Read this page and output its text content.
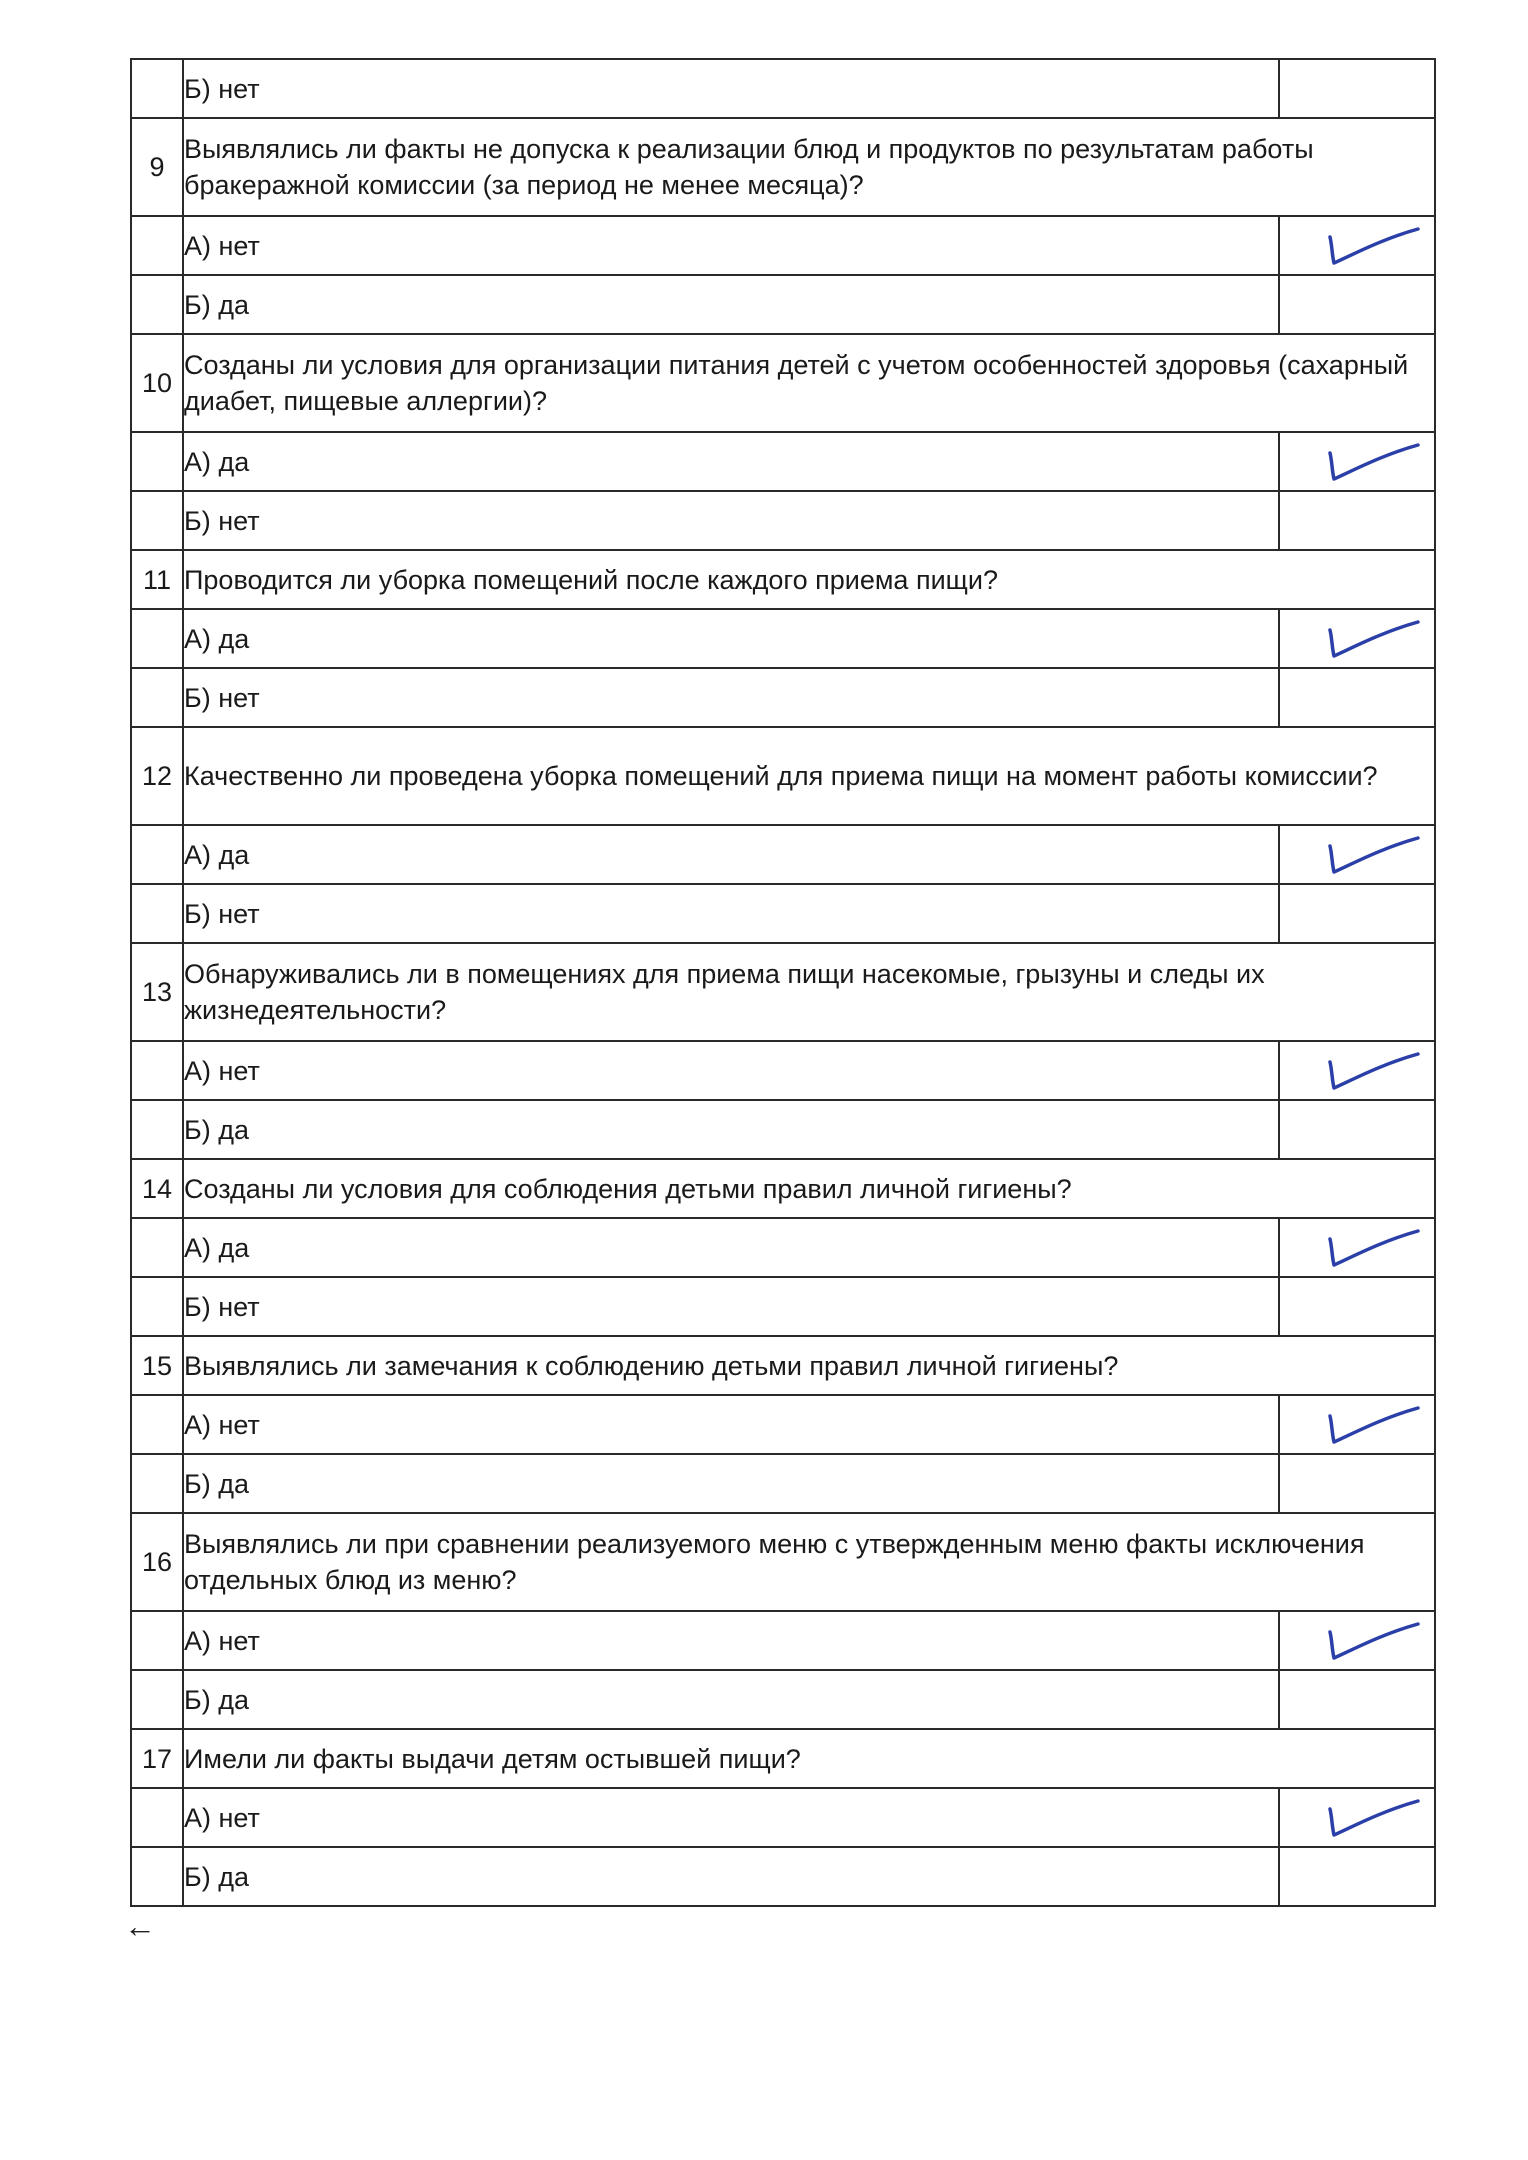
	Б) нет	
9	Выявлялись ли факты не допуска к реализации блюд и продуктов по результатам работы бракеражной комиссии (за период не менее месяца)?	
	А) нет	

	Б) да	
10	Созданы ли условия для организации питания детей с учетом особенностей здоровья (сахарный диабет, пищевые аллергии)?	
	А) да	

	Б) нет	
11	Проводится ли уборка помещений после каждого приема пищи?	
	А) да	

	Б) нет	
12	Качественно ли проведена уборка помещений для приема пищи на момент работы комиссии?	
	А) да	

	Б) нет	
13	Обнаруживались ли в помещениях для приема пищи насекомые, грызуны и следы их жизнедеятельности?	
	А) нет	

	Б) да	
14	Созданы ли условия для соблюдения детьми правил личной гигиены?	
	А) да	

	Б) нет	
15	Выявлялись ли замечания к соблюдению детьми правил личной гигиены?	
	А) нет	

	Б) да	
16	Выявлялись ли при сравнении реализуемого меню с утвержденным меню факты исключения отдельных блюд из меню?	
	А) нет	

	Б) да	
17	Имели ли факты выдачи детям остывшей пищи?	
	А) нет	

	Б) да	
←
